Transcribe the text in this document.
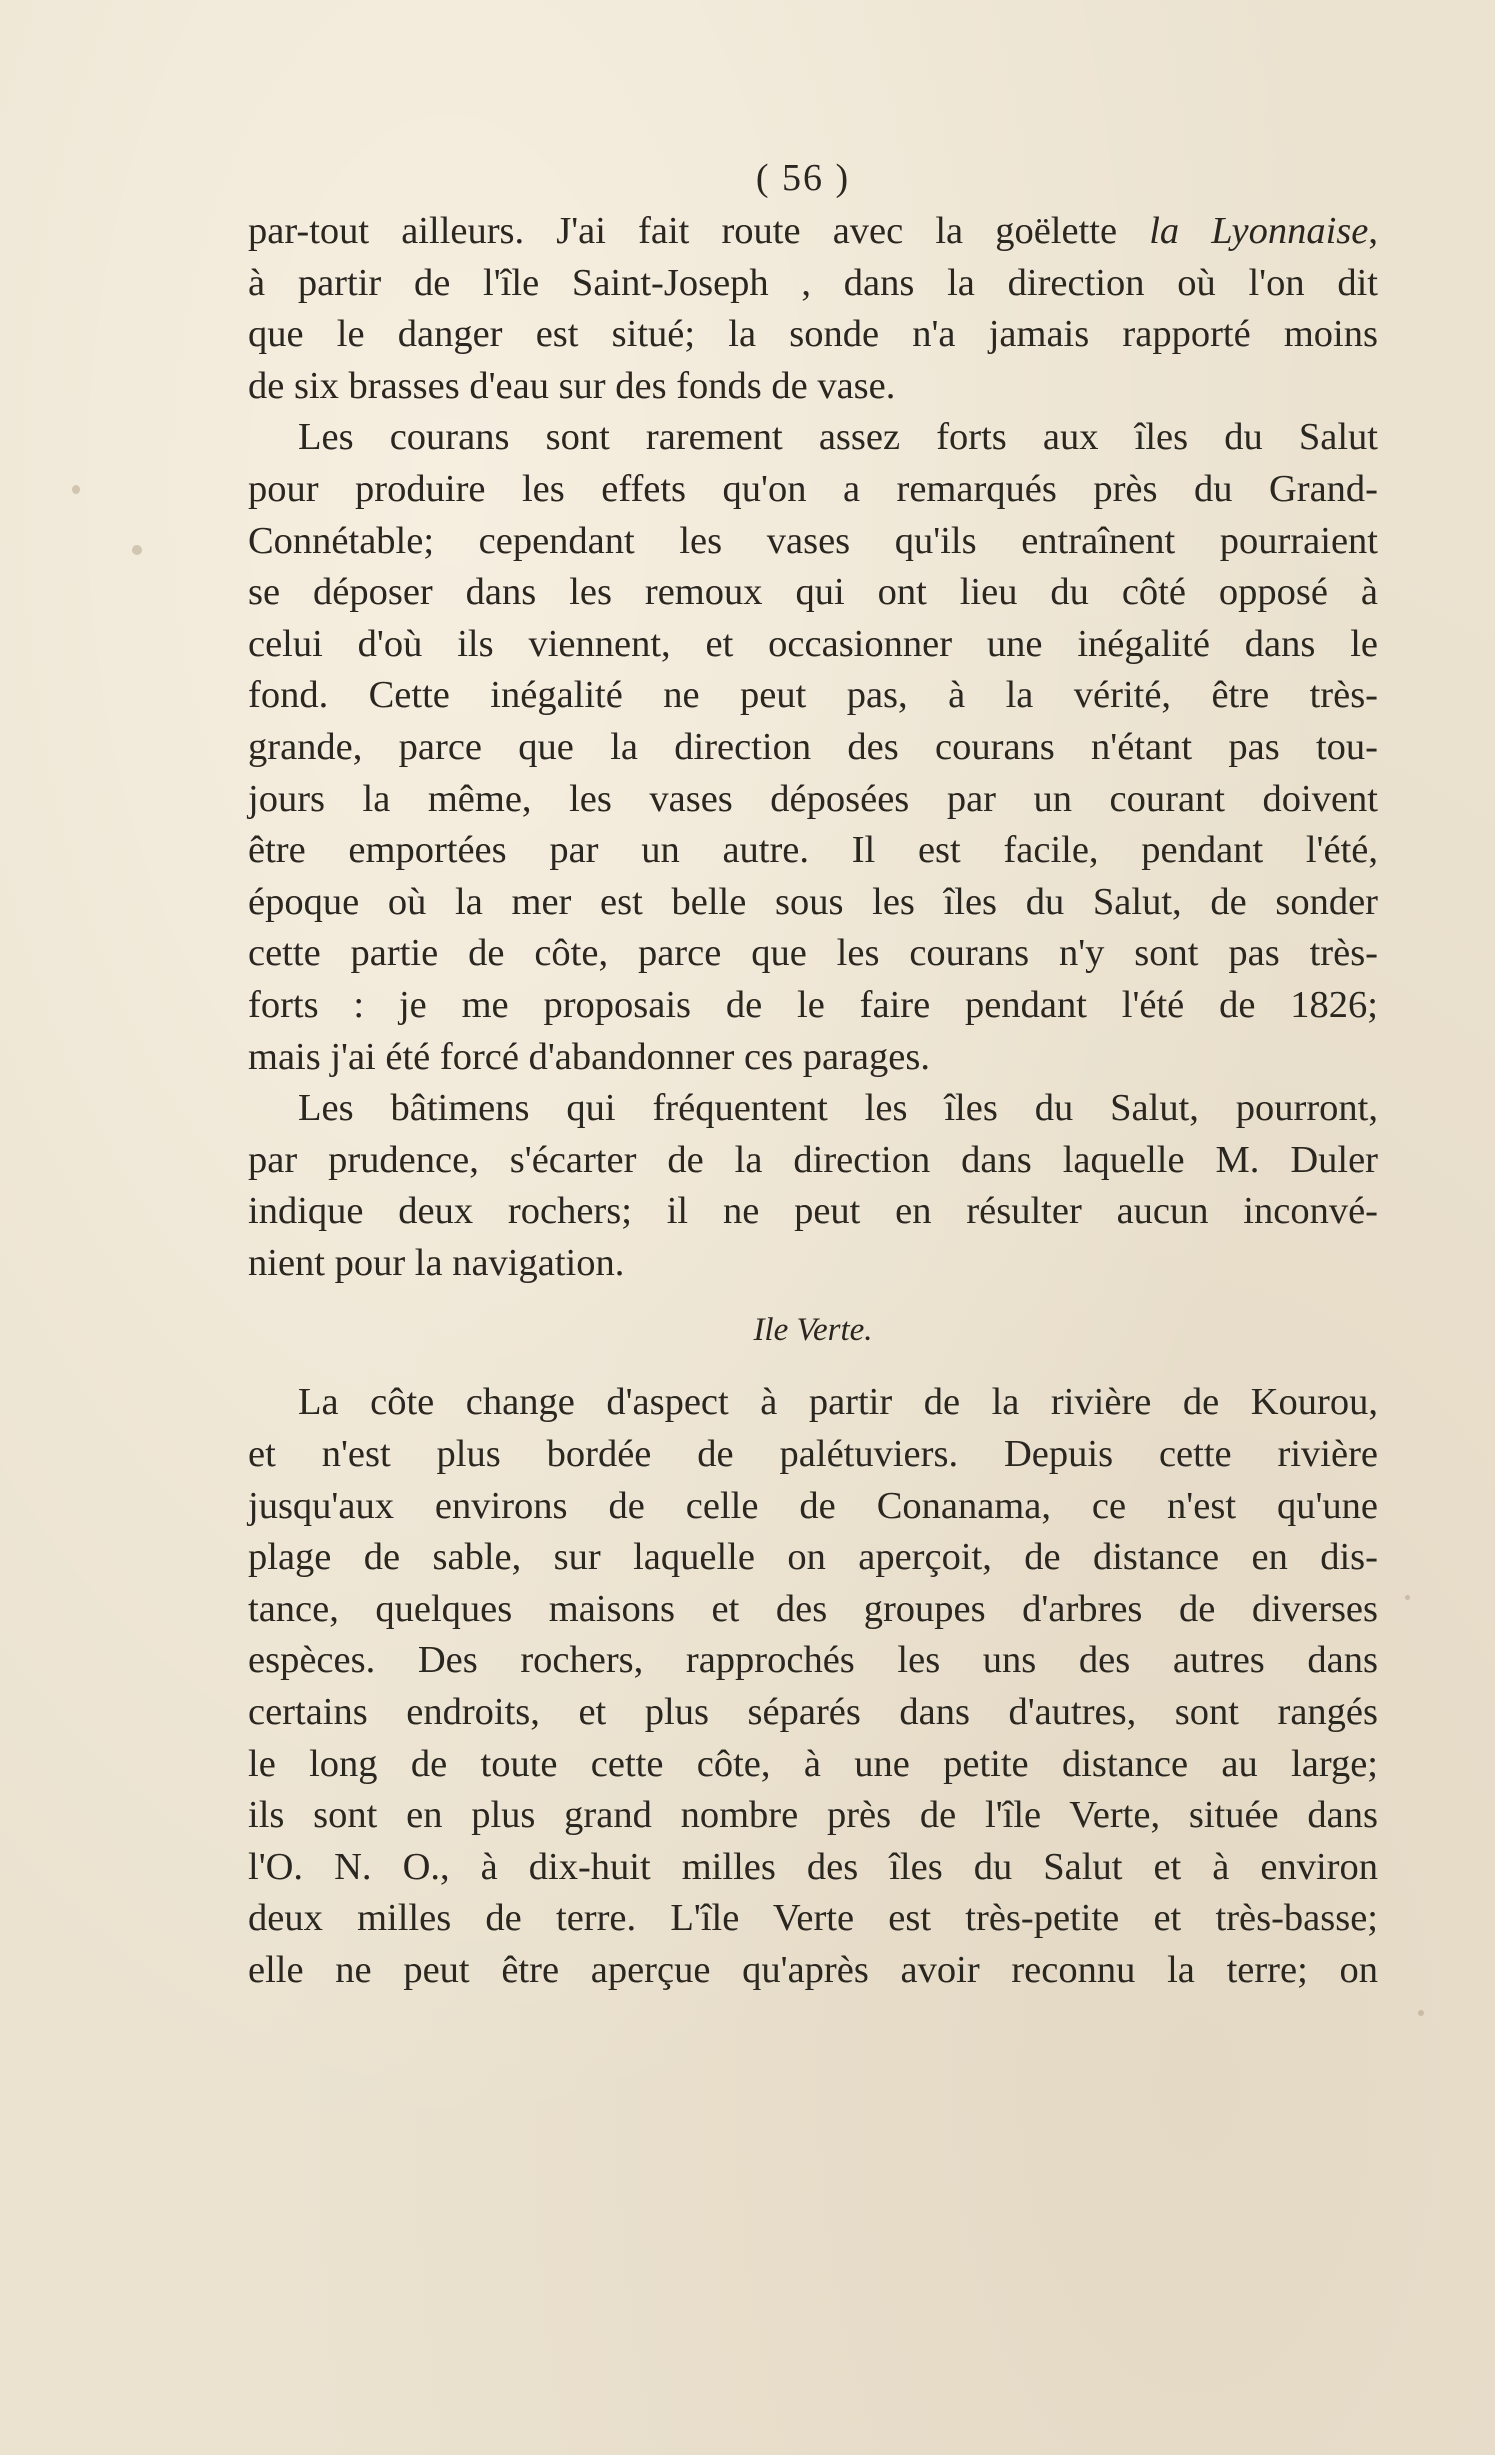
( 56 )

par-tout ailleurs. J'ai fait route avec la goëlette la Lyonnaise,
à partir de l'île Saint-Joseph , dans la direction où l'on dit
que le danger est situé; la sonde n'a jamais rapporté moins
de six brasses d'eau sur des fonds de vase.

Les courans sont rarement assez forts aux îles du Salut
pour produire les effets qu'on a remarqués près du Grand-
Connétable; cependant les vases qu'ils entraînent pourraient
se déposer dans les remoux qui ont lieu du côté opposé à
celui d'où ils viennent, et occasionner une inégalité dans le
fond. Cette inégalité ne peut pas, à la vérité, être très-
grande, parce que la direction des courans n'étant pas tou-
jours la même, les vases déposées par un courant doivent
être emportées par un autre. Il est facile, pendant l'été,
époque où la mer est belle sous les îles du Salut, de sonder
cette partie de côte, parce que les courans n'y sont pas très-
forts : je me proposais de le faire pendant l'été de 1826;
mais j'ai été forcé d'abandonner ces parages.

Les bâtimens qui fréquentent les îles du Salut, pourront,
par prudence, s'écarter de la direction dans laquelle M. Duler
indique deux rochers; il ne peut en résulter aucun inconvé-
nient pour la navigation.

Ile Verte.

La côte change d'aspect à partir de la rivière de Kourou,
et n'est plus bordée de palétuviers. Depuis cette rivière
jusqu'aux environs de celle de Conanama, ce n'est qu'une
plage de sable, sur laquelle on aperçoit, de distance en dis-
tance, quelques maisons et des groupes d'arbres de diverses
espèces. Des rochers, rapprochés les uns des autres dans
certains endroits, et plus séparés dans d'autres, sont rangés
le long de toute cette côte, à une petite distance au large;
ils sont en plus grand nombre près de l'île Verte, située dans
l'O. N. O., à dix-huit milles des îles du Salut et à environ
deux milles de terre. L'île Verte est très-petite et très-basse;
elle ne peut être aperçue qu'après avoir reconnu la terre; on
